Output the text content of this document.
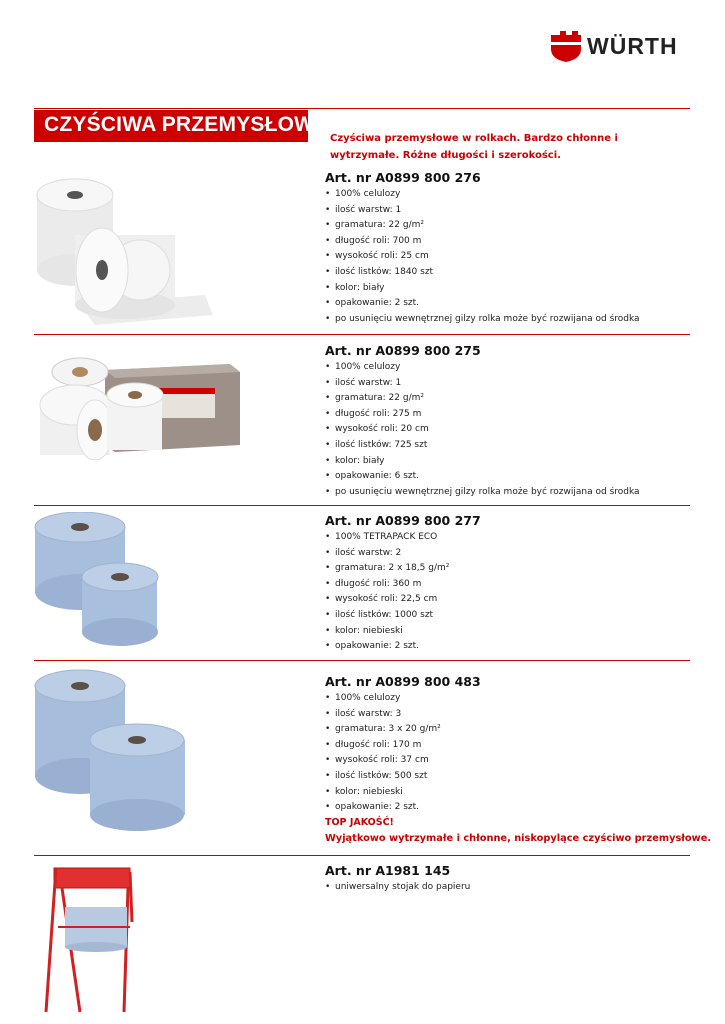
WÜRTH
CZYŚCIWA PRZEMYSŁOWE
Czyściwa przemysłowe w rolkach. Bardzo chłonne i wytrzymałe. Różne długości i szerokości.
Art. nr A0899 800 276
• 100% celulozy
• ilość warstw: 1
• gramatura: 22 g/m²
• długość roli: 700 m
• wysokość roli: 25 cm
• ilość listków: 1840 szt
• kolor: biały
• opakowanie: 2 szt.
• po usunięciu wewnętrznej gilzy rolka może być rozwijana od środka
Art. nr A0899 800 275
• 100% celulozy
• ilość warstw: 1
• gramatura: 22 g/m²
• długość roli: 275 m
• wysokość roli: 20 cm
• ilość listków: 725 szt
• kolor: biały
• opakowanie: 6 szt.
• po usunięciu wewnętrznej gilzy rolka może być rozwijana od środka
Art. nr A0899 800 277
• 100% TETRAPACK ECO
• ilość warstw: 2
• gramatura: 2 x 18,5 g/m²
• długość roli: 360 m
• wysokość roli: 22,5 cm
• ilość listków: 1000 szt
• kolor: niebieski
• opakowanie: 2 szt.
Art. nr A0899 800 483
• 100% celulozy
• ilość warstw: 3
• gramatura: 3 x 20 g/m²
• długość roli: 170 m
• wysokość roli: 37 cm
• ilość listków: 500 szt
• kolor: niebieski
• opakowanie: 2 szt.
TOP JAKOŚĆ!
Wyjątkowo wytrzymałe i chłonne, niskopylące czyściwo przemysłowe.
Art. nr A1981 145
• uniwersalny stojak do papieru
